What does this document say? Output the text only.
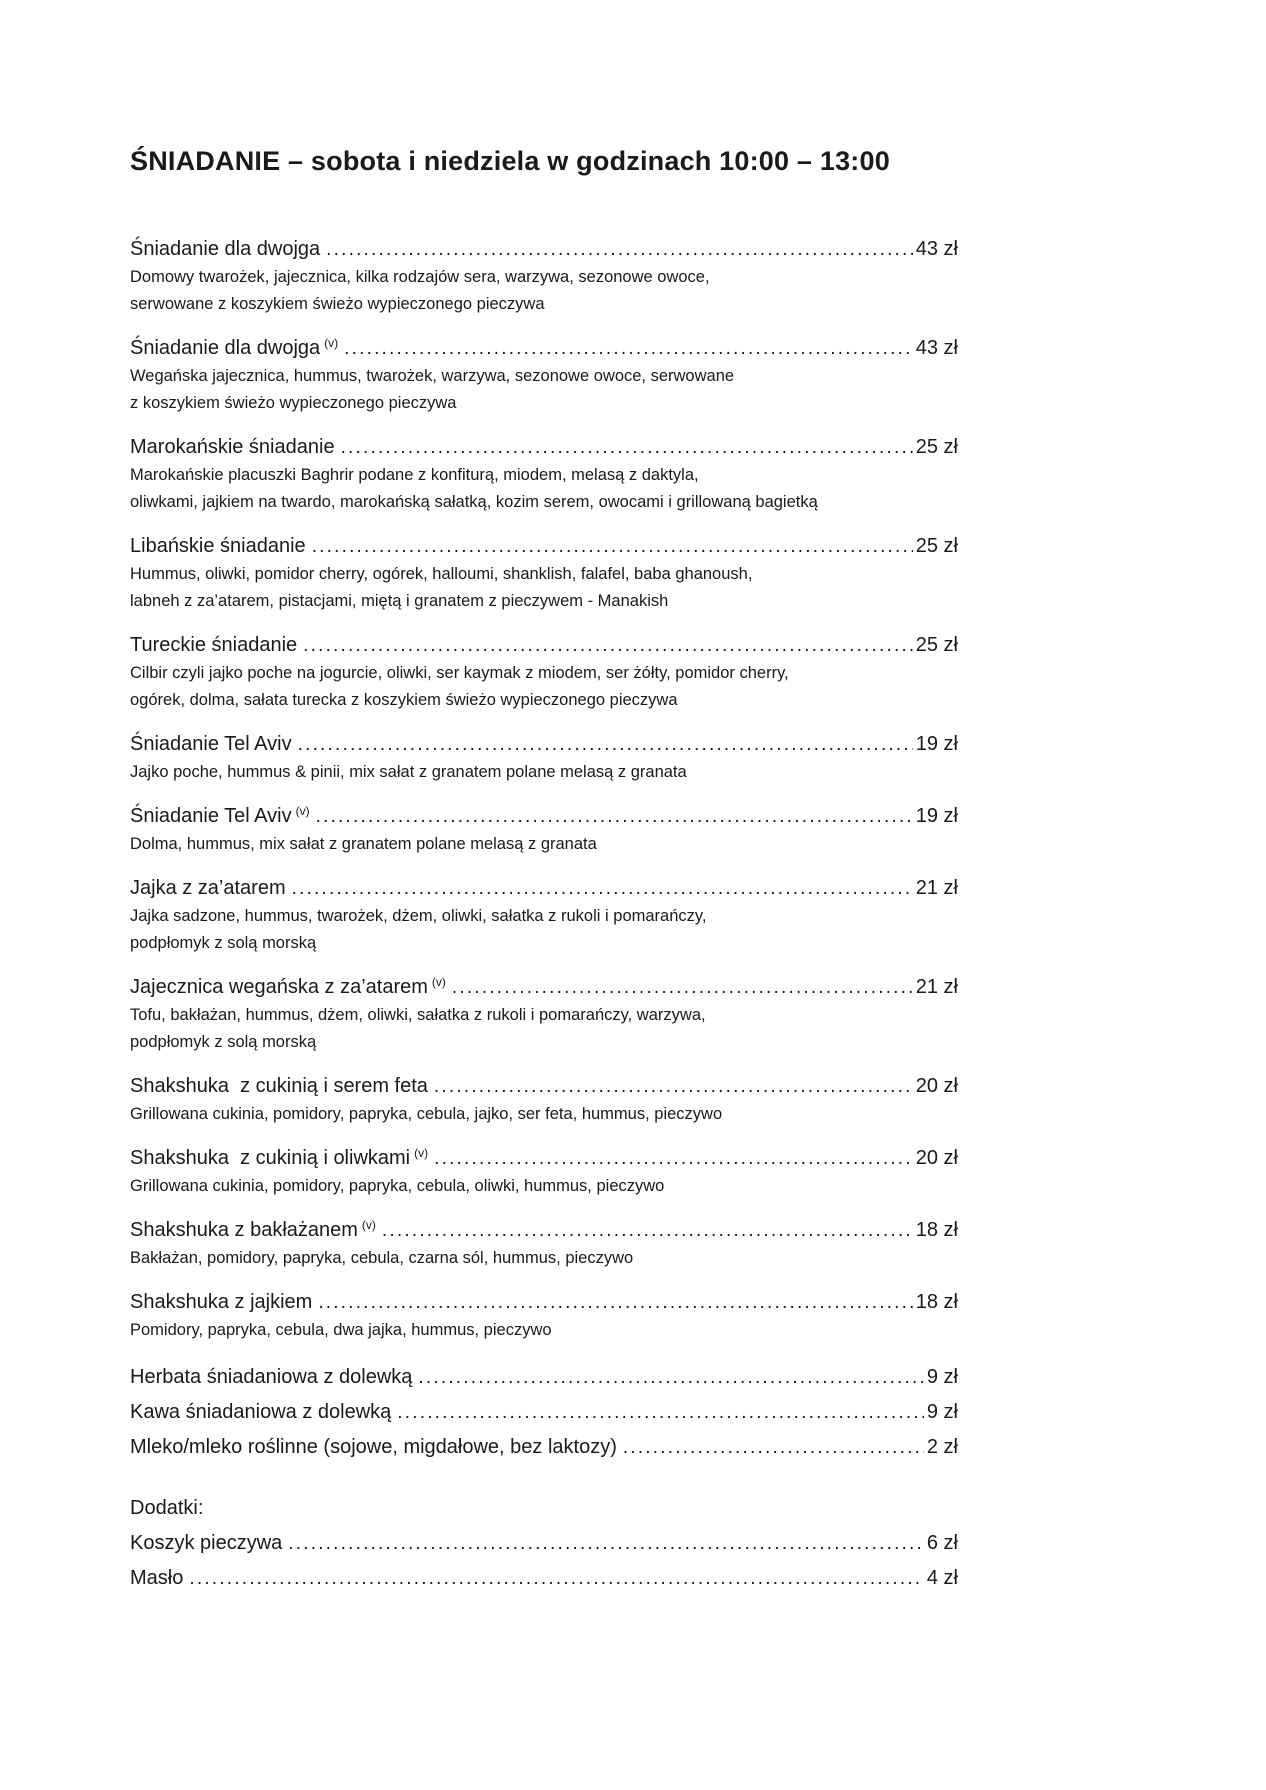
ŚNIADANIE – sobota i niedziela w godzinach 10:00 – 13:00
Śniadanie dla dwojga .....	43 zł
Domowy twarożek, jajecznica, kilka rodzajów sera, warzywa, sezonowe owoce,
serwowane z koszykiem świeżo wypieczonego pieczywa
Śniadanie dla dwojga (v) .....	43 zł
Wegańska jajecznica, hummus, twarożek, warzywa, sezonowe owoce, serwowane
z koszykiem świeżo wypieczonego pieczywa
Marokańskie śniadanie .....	25 zł
Marokańskie placuszki Baghrir podane z konfiturą, miodem, melasą z daktyla,
oliwkami, jajkiem na twardo, marokańską sałatką, kozim serem, owocami i grillowaną bagietką
Libańskie śniadanie .....	25 zł
Hummus, oliwki, pomidor cherry, ogórek, halloumi, shanklish, falafel, baba ghanoush,
labneh z za’atarem, pistacjami, miętą i granatem z pieczywem - Manakish
Tureckie śniadanie .....	25 zł
Cilbir czyli jajko poche na jogurcie, oliwki, ser kaymak z miodem, ser żółty, pomidor cherry,
ogórek, dolma, sałata turecka z koszykiem świeżo wypieczonego pieczywa
Śniadanie Tel Aviv .....	19 zł
Jajko poche, hummus & pinii, mix sałat z granatem polane melasą z granata
Śniadanie Tel Aviv (v) .....	19 zł
Dolma, hummus, mix sałat z granatem polane melasą z granata
Jajka z za’atarem .....	21 zł
Jajka sadzone, hummus, twarożek, dżem, oliwki, sałatka z rukoli i pomarańczy,
podpłomyk z solą morską
Jajecznica wegańska z za’atarem (v) .....	21 zł
Tofu, bakłażan, hummus, dżem, oliwki, sałatka z rukoli i pomarańczy, warzywa,
podpłomyk z solą morską
Shakshuka  z cukinią i serem feta .....	20 zł
Grillowana cukinia, pomidory, papryka, cebula, jajko, ser feta, hummus, pieczywo
Shakshuka  z cukinią i oliwkami (v) .....	20 zł
Grillowana cukinia, pomidory, papryka, cebula, oliwki, hummus, pieczywo
Shakshuka z bakłażanem (v) .....	18 zł
Bakłażan, pomidory, papryka, cebula, czarna sól, hummus, pieczywo
Shakshuka z jajkiem .....	18 zł
Pomidory, papryka, cebula, dwa jajka, hummus, pieczywo
Herbata śniadaniowa z dolewką .....	9 zł
Kawa śniadaniowa z dolewką .....	9 zł
Mleko/mleko roślinne (sojowe, migdałowe, bez laktozy) .....	2 zł
Dodatki:
Koszyk pieczywa .....	6 zł
Masło .....	4 zł
